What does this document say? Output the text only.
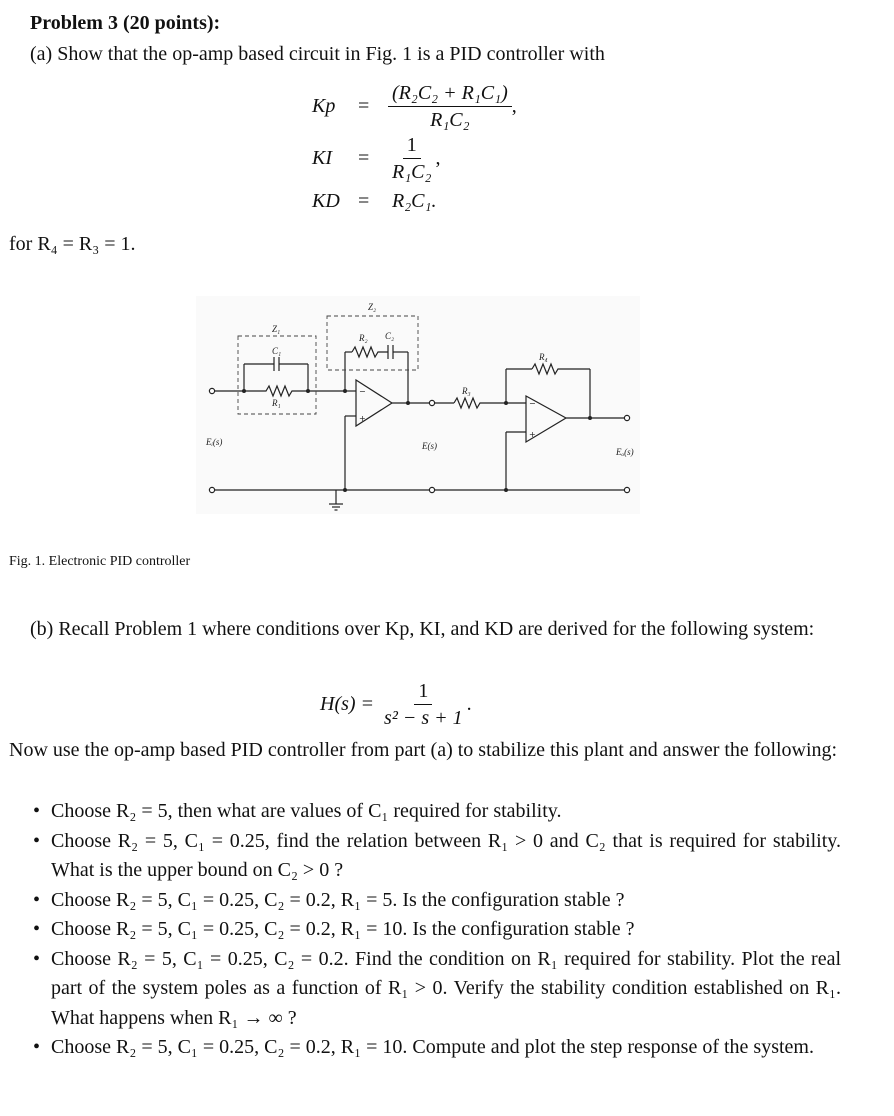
Problem 3 (20 points):
(a) Show that the op-amp based circuit in Fig. 1 is a PID controller with
Kp	= $\frac{\text{(R₂C₂ + R₁C₁)}}{\text{R₁C₂}}$ ,
KI	= $\frac{1}{\text{R₁C₂}}$ ,
KD =	R₂C₁.
for R₄ = R₃ = 1.
−
+
−
+
Z₁
C₁
R₁
Z₂
R₂ C₂
R₃
R₄
Eᵢ(s)	E(s)
Eₒ(s)
Fig. 1. Electronic PID controller
(b) Recall Problem 1 where conditions over Kp, KI, and KD are derived for the following system:
$H(s) = \frac{1}{\text{s² − s + 1}}$ .
Now use the op-amp based PID controller from part (a) to stabilize this plant and answer the following:
• Choose R₂ = 5, then what are values of C₁ required for stability.
• Choose R₂ = 5, C₁ = 0.25, find the relation between R₁ > 0 and C₂ that is required for stability. What is the upper bound on C₂ > 0 ?
• Choose R₂ = 5, C₁ = 0.25, C₂ = 0.2, R₁ = 5. Is the configuration stable ?
• Choose R₂ = 5, C₁ = 0.25, C₂ = 0.2, R₁ = 10. Is the configuration stable ?
• Choose R₂ = 5, C₁ = 0.25, C₂ = 0.2. Find the condition on R₁ required for stability. Plot the real part of the system poles as a function of R₁ > 0. Verify the stability condition established on R₁. What happens when R₁ → ∞ ?
• Choose R₂ = 5, C₁ = 0.25, C₂ = 0.2, R₁ = 10. Compute and plot the step response of the system.
